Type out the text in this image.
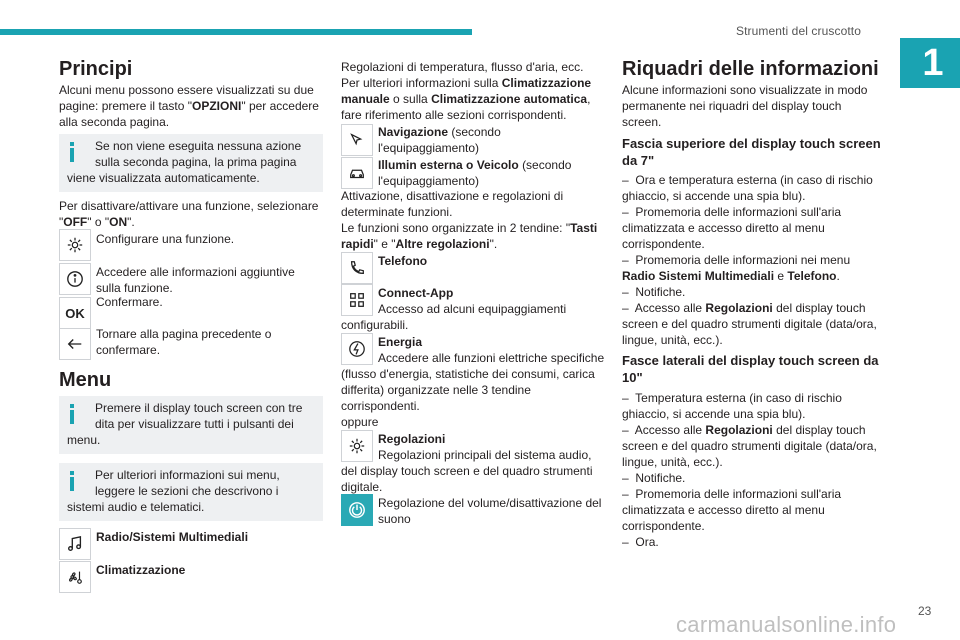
Strumenti del cruscotto
1
Principi
Alcuni menu possono essere visualizzati su due pagine: premere il tasto "OPZIONI" per accedere alla seconda pagina.
Se non viene eseguita nessuna azione sulla seconda pagina, la prima pagina viene visualizzata automaticamente.
Per disattivare/attivare una funzione, selezionare "OFF" o "ON".
Configurare una funzione.
Accedere alle informazioni aggiuntive sulla funzione.
OK
Confermare.
Tornare alla pagina precedente o confermare.
Menu
Premere il display touch screen con tre dita per visualizzare tutti i pulsanti dei menu.
Per ulteriori informazioni sui menu, leggere le sezioni che descrivono i sistemi audio e telematici.
Radio/Sistemi Multimediali
Climatizzazione
Regolazioni di temperatura, flusso d'aria, ecc.
Per ulteriori informazioni sulla Climatizzazione manuale o sulla Climatizzazione automatica, fare riferimento alle sezioni corrispondenti.
Navigazione (secondo l'equipaggiamento)
Illumin esterna o Veicolo (secondo l'equipaggiamento)
Attivazione, disattivazione e regolazioni di determinate funzioni.
Le funzioni sono organizzate in 2 tendine: "Tasti rapidi" e "Altre regolazioni".
Telefono
Connect-App
Accesso ad alcuni equipaggiamenti
configurabili.
Energia
Accedere alle funzioni elettriche specifiche (flusso d'energia, statistiche dei consumi, carica differita) organizzate nelle 3 tendine corrispondenti.
oppure
Regolazioni
Regolazioni principali del sistema audio, del display touch screen e del quadro strumenti digitale.
Regolazione del volume/disattivazione del suono
Riquadri delle informazioni
Alcune informazioni sono visualizzate in modo permanente nei riquadri del display touch screen.
Fascia superiore del display touch screen da 7"
– Ora e temperatura esterna (in caso di rischio ghiaccio, si accende una spia blu).
– Promemoria delle informazioni sull'aria climatizzata e accesso diretto al menu corrispondente.
– Promemoria delle informazioni nei menu Radio Sistemi Multimediali e Telefono.
– Notifiche.
– Accesso alle Regolazioni del display touch screen e del quadro strumenti digitale (data/ora, lingue, unità, ecc.).
Fasce laterali del display touch screen da 10"
– Temperatura esterna (in caso di rischio ghiaccio, si accende una spia blu).
– Accesso alle Regolazioni del display touch screen e del quadro strumenti digitale (data/ora, lingue, unità, ecc.).
– Notifiche.
– Promemoria delle informazioni sull'aria climatizzata e accesso diretto al menu corrispondente.
– Ora.
23
carmanualsonline.info
